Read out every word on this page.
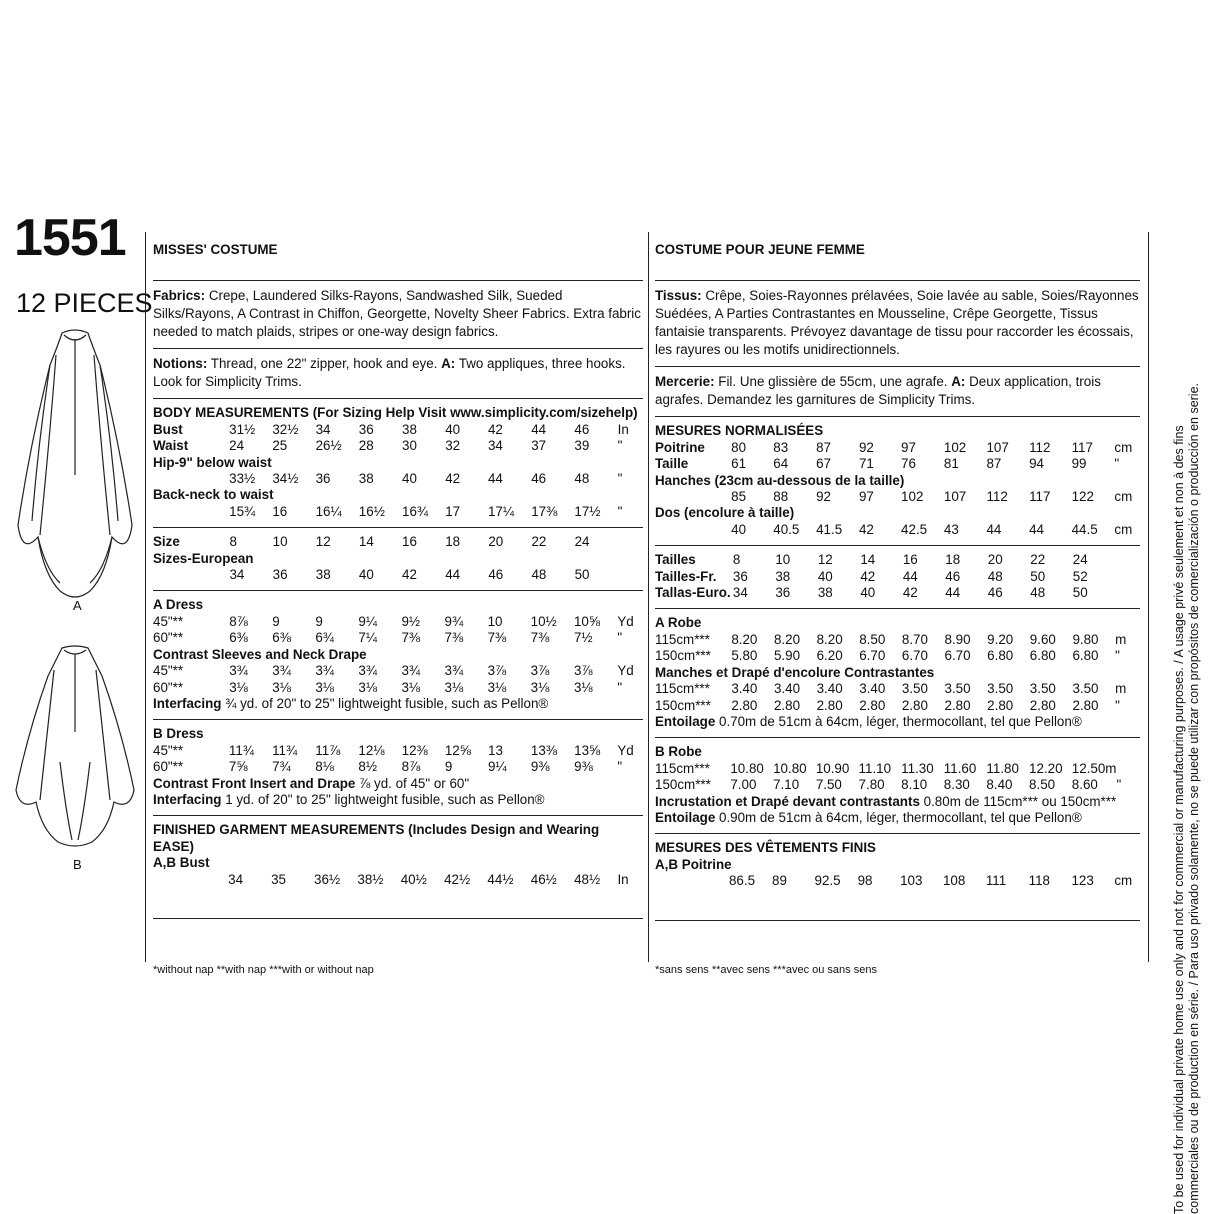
1551
12 PIECES
A
B
MISSES' COSTUME
Fabrics: Crepe, Laundered Silks-Rayons, Sandwashed Silk, Sueded Silks/Rayons, A Contrast in Chiffon, Georgette, Novelty Sheer Fabrics. Extra fabric needed to match plaids, stripes or one-way design fabrics.
Notions: Thread, one 22" zipper, hook and eye. A: Two appliques, three hooks. Look for Simplicity Trims.
BODY MEASUREMENTS (For Sizing Help Visit www.simplicity.com/sizehelp)
Bust	31½	32½	34	36	38	40	42	44	46	In
Waist	24	25	26½	28	30	32	34	37	39	"
Hip-9" below waist										
	33½	34½	36	38	40	42	44	46	48	"
Back-neck to waist										
	15¾	16	16¼	16½	16¾	17	17¼	17⅜	17½	"
Size	8	10	12	14	16	18	20	22	24	
Sizes-European										
	34	36	38	40	42	44	46	48	50	
A Dress										
45"**	8⅞	9	9	9¼	9½	9¾	10	10½	10⅝	Yd
60"**	6⅜	6⅜	6¾	7¼	7⅜	7⅜	7⅜	7⅜	7½	"
Contrast Sleeves and Neck Drape										
45"**	3¾	3¾	3¾	3¾	3¾	3¾	3⅞	3⅞	3⅞	Yd
60"**	3⅛	3⅛	3⅛	3⅛	3⅛	3⅛	3⅛	3⅛	3⅛	"
Interfacing ¾ yd. of 20" to 25" lightweight fusible, such as Pellon®
B Dress										
45"**	11¾	11¾	11⅞	12⅛	12⅜	12⅝	13	13⅜	13⅝	Yd
60"**	7⅝	7¾	8⅛	8½	8⅞	9	9¼	9⅜	9⅜	"
Contrast Front Insert and Drape ⅞ yd. of 45" or 60"
Interfacing 1 yd. of 20" to 25" lightweight fusible, such as Pellon®
FINISHED GARMENT MEASUREMENTS (Includes Design and Wearing EASE)
A,B Bust
	34	35	36½	38½	40½	42½	44½	46½	48½	In
COSTUME POUR JEUNE FEMME
Tissus: Crêpe, Soies-Rayonnes prélavées, Soie lavée au sable, Soies/Rayonnes Suédées, A Parties Contrastantes en Mousseline, Crêpe Georgette, Tissus fantaisie transparents. Prévoyez davantage de tissu pour raccorder les écossais, les rayures ou les motifs unidirectionnels.
Mercerie: Fil. Une glissière de 55cm, une agrafe. A: Deux application, trois agrafes. Demandez les garnitures de Simplicity Trims.
MESURES NORMALISÉES
Poitrine	80	83	87	92	97	102	107	112	117	cm
Taille	61	64	67	71	76	81	87	94	99	"
Hanches (23cm au-dessous de la taille)										
	85	88	92	97	102	107	112	117	122	cm
Dos (encolure à taille)										
	40	40.5	41.5	42	42.5	43	44	44	44.5	cm
Tailles	8	10	12	14	16	18	20	22	24	
Tailles-Fr.	36	38	40	42	44	46	48	50	52	
Tallas-Euro.	34	36	38	40	42	44	46	48	50	
A Robe										
115cm***	8.20	8.20	8.20	8.50	8.70	8.90	9.20	9.60	9.80	m
150cm***	5.80	5.90	6.20	6.70	6.70	6.70	6.80	6.80	6.80	"
Manches et Drapé d'encolure Contrastantes										
115cm***	3.40	3.40	3.40	3.40	3.50	3.50	3.50	3.50	3.50	m
150cm***	2.80	2.80	2.80	2.80	2.80	2.80	2.80	2.80	2.80	"
Entoilage 0.70m de 51cm à 64cm, léger, thermocollant, tel que Pellon®
B Robe										
115cm***	10.80	10.80	10.90	11.10	11.30	11.60	11.80	12.20	12.50m	
150cm***	7.00	7.10	7.50	7.80	8.10	8.30	8.40	8.50	8.60	"
Incrustation et Drapé devant contrastants 0.80m de 115cm*** ou 150cm***
Entoilage 0.90m de 51cm à 64cm, léger, thermocollant, tel que Pellon®
MESURES DES VÊTEMENTS FINIS
A,B Poitrine
	86.5	89	92.5	98	103	108	111	118	123	cm
*without nap **with nap ***with or without nap	*sans sens **avec sens ***avec ou sans sens	To be used for individual private home use only and not for commercial or manufacturing purposes. / A usage privé seulement et non à des fins commerciales ou de production en série. / Para uso privado solamente, no se puede utilizar con propósitos de comercialización o producción en serie.
